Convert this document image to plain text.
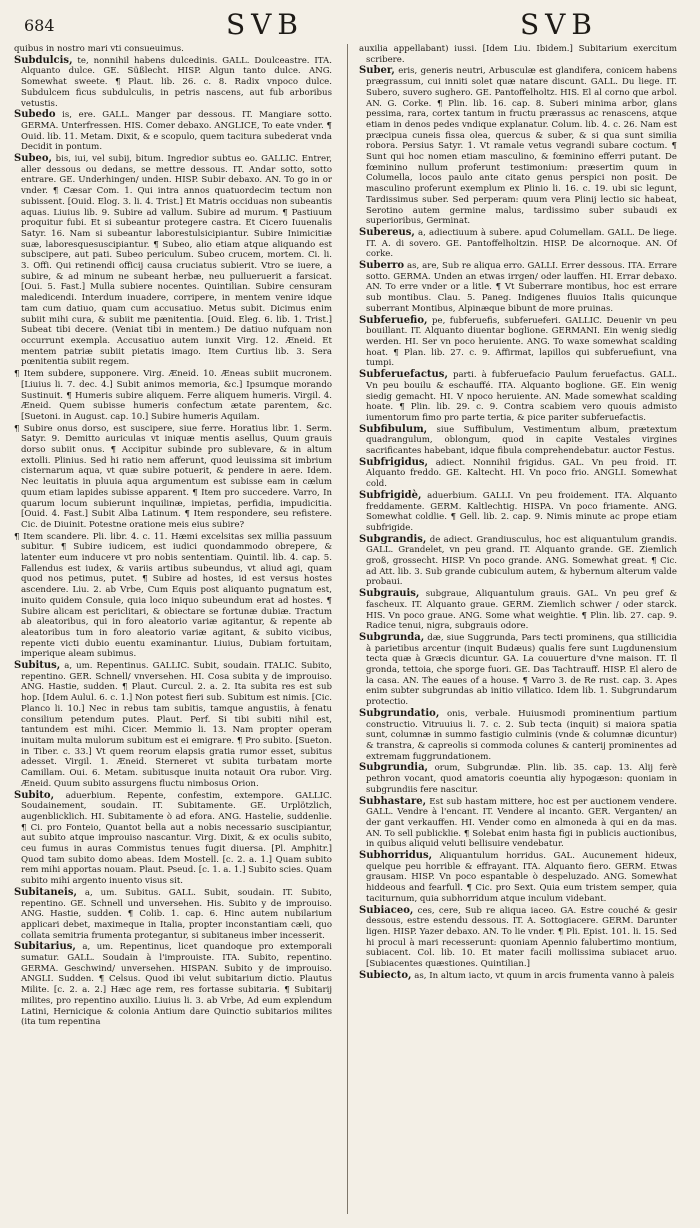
684	SVB	SVB

quibus in nostro mari vti consueuimus.

Subdulcis, te, nonnihil habens dulcedinis. GALL. Doulceastre. ITA. Alquanto dulce. GE. Süßlecht. HISP. Algun tanto dulce. ANG. Somewhat sweete. ¶ Plaut. lib. 26. c. 8. Radix vnpoco dulce. Subdulcem ficus subdulculis, in petris nascens, aut fub arboribus vetustis.

Subedo is, ere. GALL. Manger par dessous. IT. Mangiare sotto. GERMA. Unterfressen. HIS. Comer debaxo. ANGLICE, To eate vnder. ¶ Ouid. lib. 11. Metam. Dixit, & e scopulo, quem tacitura subederat vnda Decidit in pontum.

Subeo, bis, iui, vel subij, bitum. Ingredior subtus eo. GALLIC. Entrer, aller dessous ou dedans, se mettre dessous. IT. Andar sotto, sotto entrare. GE. Underhingen/ unden. HISP. Subir debaxo. AN. To go in or vnder. ¶ Cæsar Com. 1. Qui intra annos quatuordecim tectum non subissent. [Ouid. Elog. 3. li. 4. Trist.] Et Matris occiduas non subeantis aquas. Liuius lib. 9. Subire ad vallum. Subire ad murum. ¶ Pastiuum proquitur fubi. Et si subeantur protegere castra. Et Cicero Iuuenalis Satyr. 16. Nam si subeantur laborestulsicipiantur. Subire Inimicitiæ suæ, laboresquesuscipiantur. ¶ Subeo, alio etiam atque aliquando est subscipere, aut pati. Subeo periculum. Subeo crucem, mortem. Ci. li. 3. Offi. Qui retinendi officij causa cruciatus subierit. Vtro se iuere, a subire, & ad minum ne subeant herbæ, neu pullueruerit a farsicat. [Oui. 5. Fast.] Mulla subiere nocentes. Quintilian. Subire censuram maledicendi. Interdum inuadere, corripere, in mentem venire idque tam cum datiuo, quam cum accusatiuo. Metus subit. Dicimus enim subiit mihi cura, & subiit me pænitentia. [Ouid. Eleg. 6. lib. 1. Trist.] Subeat tibi decere. (Veniat tibi in mentem.) De datiuo nufquam non occurrunt exempla. Accusatiuo autem iunxit Virg. 12. Æneid. Et mentem patriæ subiit pietatis imago. Item Curtius lib. 3. Sera pœnitentia subiit regem.

¶ Item subdere, supponere. Virg. Æneid. 10. Æneas subiit mucronem. [Liuius li. 7. dec. 4.] Subit animos memoria, &c.] Ipsumque morando Sustinuit. ¶ Humeris subire aliquem. Ferre aliquem humeris. Virgil. 4. Æneid. Quem subisse humeris confectum ætate parentem, &c. [Suetoni. in August. cap. 10.] Subire humeris Aquilam.

¶ Subire onus dorso, est suscipere, siue ferre. Horatius libr. 1. Serm. Satyr. 9. Demitto auriculas vt iniquæ mentis asellus, Quum grauis dorso subiit onus. ¶ Accipitur subinde pro sublevare, & in altum extolli. Plinius. Sed hi ratio nem afferunt, quod leuissima sit imbrium cisternarum aqua, vt quæ subire potuerit, & pendere in aere. Idem. Nec leuitatis in pluuia aqua argumentum est subisse eam in cælum quum etiam lapides subisse apparent. ¶ Item pro succedere. Varro, In quarum locum subierunt inquilinæ, impietas, perfidia, impudicitia. [Ouid. 4. Fast.] Subit Alba Latinum. ¶ Item respondere, seu refistere. Cic. de Diuinit. Potestne oratione meis eius subire?

¶ Item scandere. Pli. libr. 4. c. 11. Hæmi excelsitas sex millia passuum subitur. ¶ Subire iudicem, est iudici quondammodo obrepere, & latenter eum inducere vt pro nobis sententiam. Quintil. lib. 4. cap. 5. Fallendus est iudex, & variis artibus subeundus, vt aliud agi, quam quod nos petimus, putet. ¶ Subire ad hostes, id est versus hostes ascendere. Liu. 2. ab Vrbe, Cum Equis post aliquanto pugnatum est, inuito quidem Consule, quia loco iniquo subeundum erat ad hostes. ¶ Subire alicam est periclitari, & obiectare se fortunæ dubiæ. Tractum ab aleatoribus, qui in foro aleatorio variæ agitantur, & repente ab aleatoribus tum in foro aleatorio variæ agitant, & subito vicibus, repente victi dubio euentu examinantur. Liuius, Dubiam fortuitam, imperique aleam subimus.

Subitus, a, um. Repentinus. GALLIC. Subit, soudain. ITALIC. Subito, repentino. GER. Schnell/ vnversehen. HI. Cosa subita y de improuiso. ANG. Hastie, sudden. ¶ Plaut. Curcul. 2. a. 2. Ita subita res est sub hop. [Idem Aulul. 6. c. 1.] Non potest fieri sub. Subitum est nimis. [Cic. Planco li. 10.] Nec in rebus tam subitis, tamque angustiis, à fenatu consilium petendum putes. Plaut. Perf. Si tibi subiti nihil est, tantundem est mihi. Cicer. Memmio li. 13. Nam propter operam inuitam multa mulorum subitum est ei emigrare. ¶ Pro subito. [Sueton. in Tiber. c. 33.] Vt quem reorum elapsis gratia rumor esset, subitus adesset. Virgil. 1. Æneid. Sterneret vt subita turbatam morte Camillam. Oui. 6. Metam. subitusque inuita notauit Ora rubor. Virg. Æneid. Quum subito assurgens fluctu nimbosus Orion.

Subito, aduerbium. Repente, confestim, extempore. GALLIC. Soudainement, soudain. IT. Subitamente. GE. Urplötzlich, augenblicklich. HI. Subitamente ò ad efora. ANG. Hastelie, suddenlie. ¶ Ci. pro Fonteio, Quantot bella aut a nobis necessario suscipiantur, aut subito atque improuiso nascantur. Virg. Dixit, & ex oculis subito, ceu fumus in auras Commistus tenues fugit diuersa. [Pl. Amphitr.] Quod tam subito domo abeas. Idem Mostell. [c. 2. a. 1.] Quam subito rem mihi apportas nouam. Plaut. Pseud. [c. 1. a. 1.] Subito scies. Quam subito mihi argento inuento visus sit.

Subitaneis, a, um. Subitus. GALL. Subit, soudain. IT. Subito, repentino. GE. Schnell und unversehen. His. Subito y de improuiso. ANG. Hastie, sudden. ¶ Colib. 1. cap. 6. Hinc autem nubilarium applicari debet, maximeque in Italia, propter inconstantiam cæli, quo collata semitria frumenta protegantur, si subitaneus imber incesserit.

Subitarius, a, um. Repentinus, licet quandoque pro extemporali sumatur. GALL. Soudain à l'improuiste. ITA. Subito, repentino. GERMA. Geschwind/ unversehen. HISPAN. Subito y de improuiso. ANGLI. Sudden. ¶ Celsus. Quod ibi velut subitarium dictio. Plautus Milite. [c. 2. a. 2.] Hæc age rem, res fortasse subitaria. ¶ Subitarij milites, pro repentino auxilio. Liuius li. 3. ab Vrbe, Ad eum explendum Latini, Hernicique & colonia Antium dare Quinctio subitarios milites (ita tum repentina

auxilia appellabant) iussi. [Idem Liu. Ibidem.] Subitarium exercitum scribere.

Suber, eris, generis neutri, Arbusculæ est glandifera, conicem habens prægrassum, cui inniti solet quæ natare discunt. GALL. Du liege. IT. Subero, suvero sughero. GE. Pantoffelholtz. HIS. El al corno que arbol. AN. G. Corke. ¶ Plin. lib. 16. cap. 8. Suberi minima arbor, glans pessima, rara, cortex tantum in fructu prærassus ac renascens, atque etiam in denos pedes vndique explanatur. Colum. lib. 4. c. 26. Nam est præcipua cuneis fissa olea, quercus & suber, & si qua sunt similia robora. Persius Satyr. 1. Vt ramale vetus vegrandi subare coctum. ¶ Sunt qui hoc nomen etiam masculino, & fœminino efferri putant. De fœminino nullum proferunt testimonium: præsertim quum in Columella, locos paulo ante citato genus perspici non posit. De masculino proferunt exemplum ex Plinio li. 16. c. 19. ubi sic legunt, Tardissimus suber. Sed perperam: quum vera Plinij lectio sic habeat, Serotino autem germine malus, tardissimo suber subaudi ex superioribus, Germinat.

Subereus, a, adiectiuum à subere. apud Columellam. GALL. De liege. IT. A. di sovero. GE. Pantoffelholtzin. HISP. De alcornoque. AN. Of corke.

Suberro as, are, Sub re aliqua erro. GALLI. Errer dessous. ITA. Errare sotto. GERMA. Unden an etwas irrgen/ oder lauffen. HI. Errar debaxo. AN. To erre vnder or a litle. ¶ Vt Suberrare montibus, hoc est errare sub montibus. Clau. 5. Paneg. Indigenes fluuios Italis quicunque suberrant Montibus, Alpinæque bibunt de more pruinas.

Subferuefio, pe, fubferuefis, subferueferi. GALLIC. Deuenir vn peu bouillant. IT. Alquanto diuentar boglione. GERMANI. Ein wenig siedig werden. HI. Ser vn poco heruiente. ANG. To waxe somewhat scalding hoat. ¶ Plan. lib. 27. c. 9. Affirmat, lapillos qui subferuefiunt, vna tumpi.

Subferuefactus, parti. à fubferuefacio Paulum feruefactus. GALL. Vn peu bouilu & eschauffé. ITA. Alquanto boglione. GE. Ein wenig siedig gemacht. HI. V npoco heruiente. AN. Made somewhat scalding hoate. ¶ Plin. lib. 29. c. 9. Contra scabiem vero quouis admisto iumentorum fimo pro parte tertia, & pice pariter subferuefactis.

Subfibulum, siue Suffibulum, Vestimentum album, prætextum quadrangulum, oblongum, quod in capite Vestales virgines sacrificantes habebant, idque fibula comprehendebatur. auctor Festus.

Subfrigidus, adiect. Nonnihil frigidus. GAL. Vn peu froid. IT. Alquanto freddo. GE. Kaltecht. HI. Vn poco frio. ANGLI. Somewhat cold.

Subfrigidè, aduerbium. GALLI. Vn peu froidement. ITA. Alquanto freddamente. GERM. Kaltlechtig. HISPA. Vn poco friamente. ANG. Somewhat coldlie. ¶ Gell. lib. 2. cap. 9. Nimis minute ac prope etiam subfrigide.

Subgrandis, de adiect. Grandiusculus, hoc est aliquantulum grandis. GALL. Grandelet, vn peu grand. IT. Alquanto grande. GE. Ziemlich groß, grossecht. HISP. Vn poco grande. ANG. Somewhat great. ¶ Cic. ad Att. lib. 3. Sub grande cubiculum autem, & hybernum alterum valde probaui.

Subgrauis, subgraue, Aliquantulum grauis. GAL. Vn peu gref & fascheux. IT. Alquanto graue. GERM. Ziemlich schwer / oder starck. HIS. Vn poco graue. ANG. Some what weightie. ¶ Plin. lib. 27. cap. 9. Radice tenui, nigra, subgrauis odore.

Subgrunda, dæ, siue Suggrunda, Pars tecti prominens, qua stillicidia à parietibus arcentur (inquit Budæus) qualis fere sunt Lugdunensium tecta quæ à Græcis dicuntur. GA. La couuerture d'vne maison. IT. Il gronda, tettoia, che sporge fuori. GE. Das Tachtrauff. HISP. El alero de la casa. AN. The eaues of a house. ¶ Varro 3. de Re rust. cap. 3. Apes enim subter subgrundas ab initio villatico. Idem lib. 1. Subgrundarum protectio.

Subgrundatio, onis, verbale. Huiusmodi prominentium partium constructio. Vitruuius li. 7. c. 2. Sub tecta (inquit) si maiora spatia sunt, columnæ in summo fastigio culminis (vnde & columnæ dicuntur) & transtra, & capreolis si commoda colunes & canterij prominentes ad extremam fuggrundationem.

Subgrundia, orum, Subgrundæ. Plin. lib. 35. cap. 13. Alij ferè pethron vocant, quod amatoris coeuntia aliy hypogæson: quoniam in subgrundiis fere nascitur.

Subhastare, Est sub hastam mittere, hoc est per auctionem vendere. GALL. Vendre à l'encant. IT. Vendere al incanto. GER. Verganten/ an der gant verkauffen. HI. Vender como en almoneda à qui en da mas. AN. To sell publicklie. ¶ Solebat enim hasta figi in publicis auctionibus, in quibus aliquid veluti bellisuire vendebatur.

Subhorridus, Aliquantulum horridus. GAL. Aucunement hideux, quelque peu horrible & effrayant. ITA. Alquanto fiero. GERM. Etwas grausam. HISP. Vn poco espantable ò despeluzado. ANG. Somewhat hiddeous and fearfull. ¶ Cic. pro Sext. Quia eum tristem semper, quia taciturnum, quia subhorridum atque inculum videbant.

Subiaceo, ces, cere, Sub re aliqua iaceo. GA. Estre couché & gesir dessous, estre estendu dessous. IT. A. Sottogiacere. GERM. Darunter ligen. HISP. Yazer debaxo. AN. To lie vnder. ¶ Pli. Epist. 101. li. 15. Sed hi procul à mari recesserunt: quoniam Apennio falubertimo montium, subiacent. Col. lib. 10. Et mater facili mollissima subiacet aruo. [Subiacentes quæstiones. Quintilian.]

Subiecto, as, In altum iacto, vt quum in arcis frumenta vanno à paleis
